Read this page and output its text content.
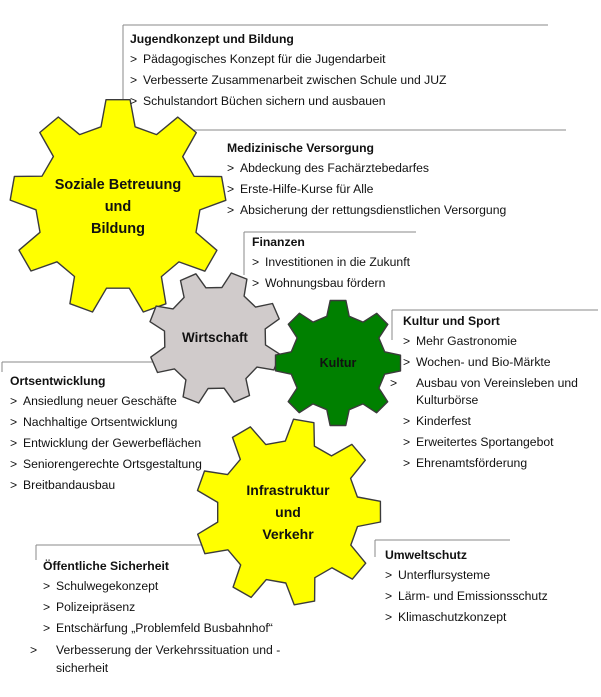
Soziale Betreuung
und
Bildung
Wirtschaft
Kultur
Infrastruktur
und
Verkehr
Jugendkonzept und Bildung
> Pädagogisches Konzept für die Jugendarbeit
> Verbesserte Zusammenarbeit zwischen Schule und JUZ
> Schulstandort Büchen sichern und ausbauen
Medizinische Versorgung
> Abdeckung des Fachärztebedarfes
> Erste-Hilfe-Kurse für Alle
> Absicherung der rettungsdienstlichen Versorgung
Finanzen
> Investitionen in die Zukunft
> Wohnungsbau fördern
Kultur und Sport
> Mehr Gastronomie
> Wochen- und Bio-Märkte
> Ausbau von Vereinsleben und Kulturbörse
> Kinderfest
> Erweitertes Sportangebot
> Ehrenamtsförderung
Ortsentwicklung
> Ansiedlung neuer Geschäfte
> Nachhaltige Ortsentwicklung
> Entwicklung der Gewerbeflächen
> Seniorengerechte Ortsgestaltung
> Breitbandausbau
Öffentliche Sicherheit
> Schulwegekonzept
> Polizeipräsenz
> Entschärfung „Problemfeld Busbahnhof“
> Verbesserung der Verkehrssituation und -sicherheit
Umweltschutz
> Unterflursysteme
> Lärm- und Emissionsschutz
> Klimaschutzkonzept
